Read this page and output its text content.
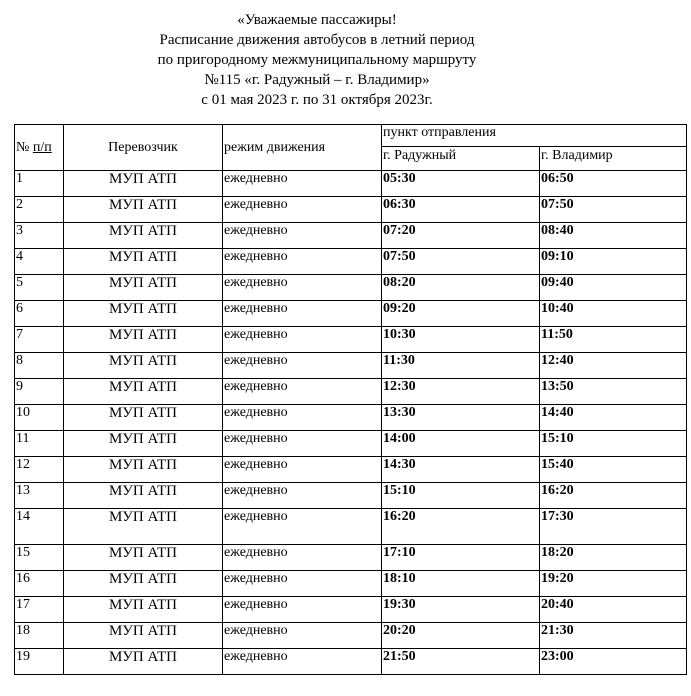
«Уважаемые пассажиры!
Расписание движения автобусов в летний период
по пригородному межмуниципальному маршруту
№115 «г. Радужный – г. Владимир»
с 01 мая 2023 г. по 31 октября 2023г.
№ п/п	Перевозчик	режим движения	пункт отправления	
			г. Радужный	г. Владимир
1	МУП АТП	ежедневно	05:30	06:50
2	МУП АТП	ежедневно	06:30	07:50
3	МУП АТП	ежедневно	07:20	08:40
4	МУП АТП	ежедневно	07:50	09:10
5	МУП АТП	ежедневно	08:20	09:40
6	МУП АТП	ежедневно	09:20	10:40
7	МУП АТП	ежедневно	10:30	11:50
8	МУП АТП	ежедневно	11:30	12:40
9	МУП АТП	ежедневно	12:30	13:50
10	МУП АТП	ежедневно	13:30	14:40
11	МУП АТП	ежедневно	14:00	15:10
12	МУП АТП	ежедневно	14:30	15:40
13	МУП АТП	ежедневно	15:10	16:20
14	МУП АТП	ежедневно	16:20	17:30
15	МУП АТП	ежедневно	17:10	18:20
16	МУП АТП	ежедневно	18:10	19:20
17	МУП АТП	ежедневно	19:30	20:40
18	МУП АТП	ежедневно	20:20	21:30
19	МУП АТП	ежедневно	21:50	23:00
